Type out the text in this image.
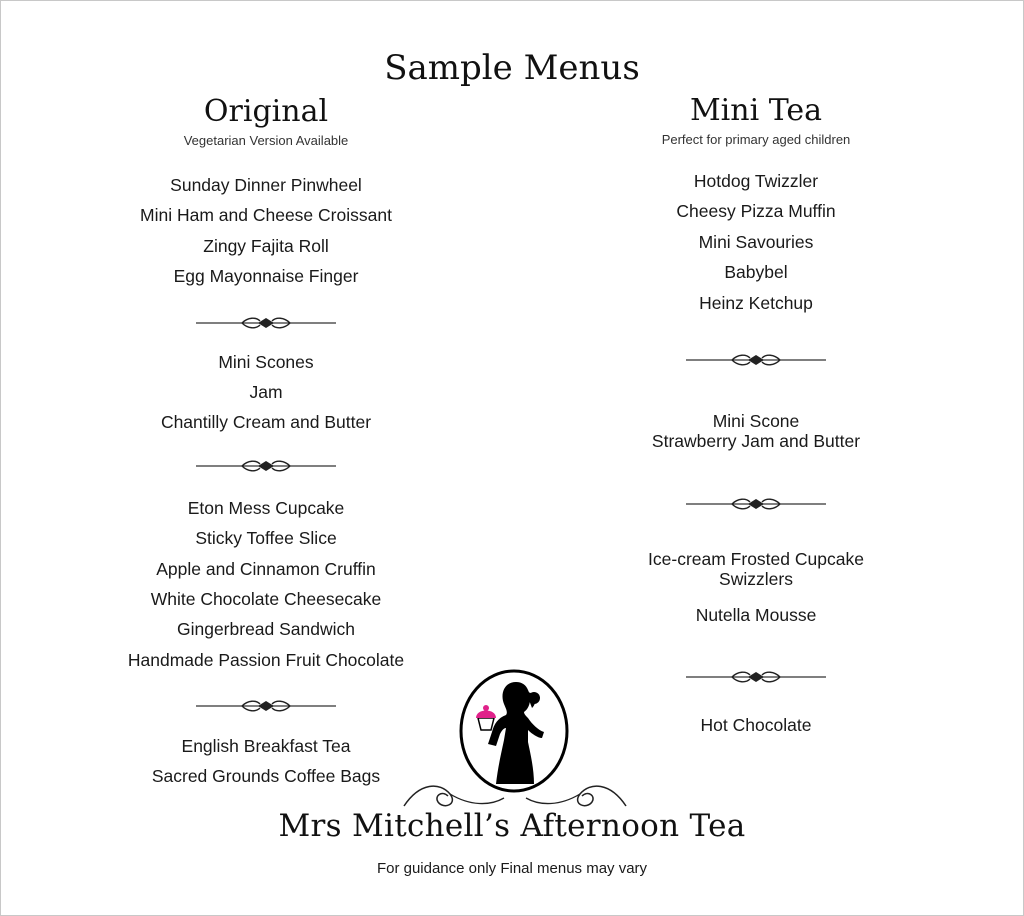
Sample Menus
Original
Vegetarian Version Available
Sunday Dinner Pinwheel
Mini Ham and Cheese Croissant
Zingy Fajita Roll
Egg Mayonnaise Finger
Mini Scones
Jam
Chantilly Cream and Butter
Eton Mess Cupcake
Sticky Toffee Slice
Apple and Cinnamon Cruffin
White Chocolate Cheesecake
Gingerbread Sandwich
Handmade Passion Fruit Chocolate
English Breakfast Tea
Sacred Grounds Coffee Bags
Mini Tea
Perfect for primary aged children
Hotdog Twizzler
Cheesy Pizza Muffin
Mini Savouries
Babybel
Heinz Ketchup
Mini Scone
Strawberry Jam and Butter
Ice-cream Frosted Cupcake
Swizzlers
Nutella Mousse
Hot Chocolate
Mrs Mitchell’s Afternoon Tea
For guidance only Final menus may vary
